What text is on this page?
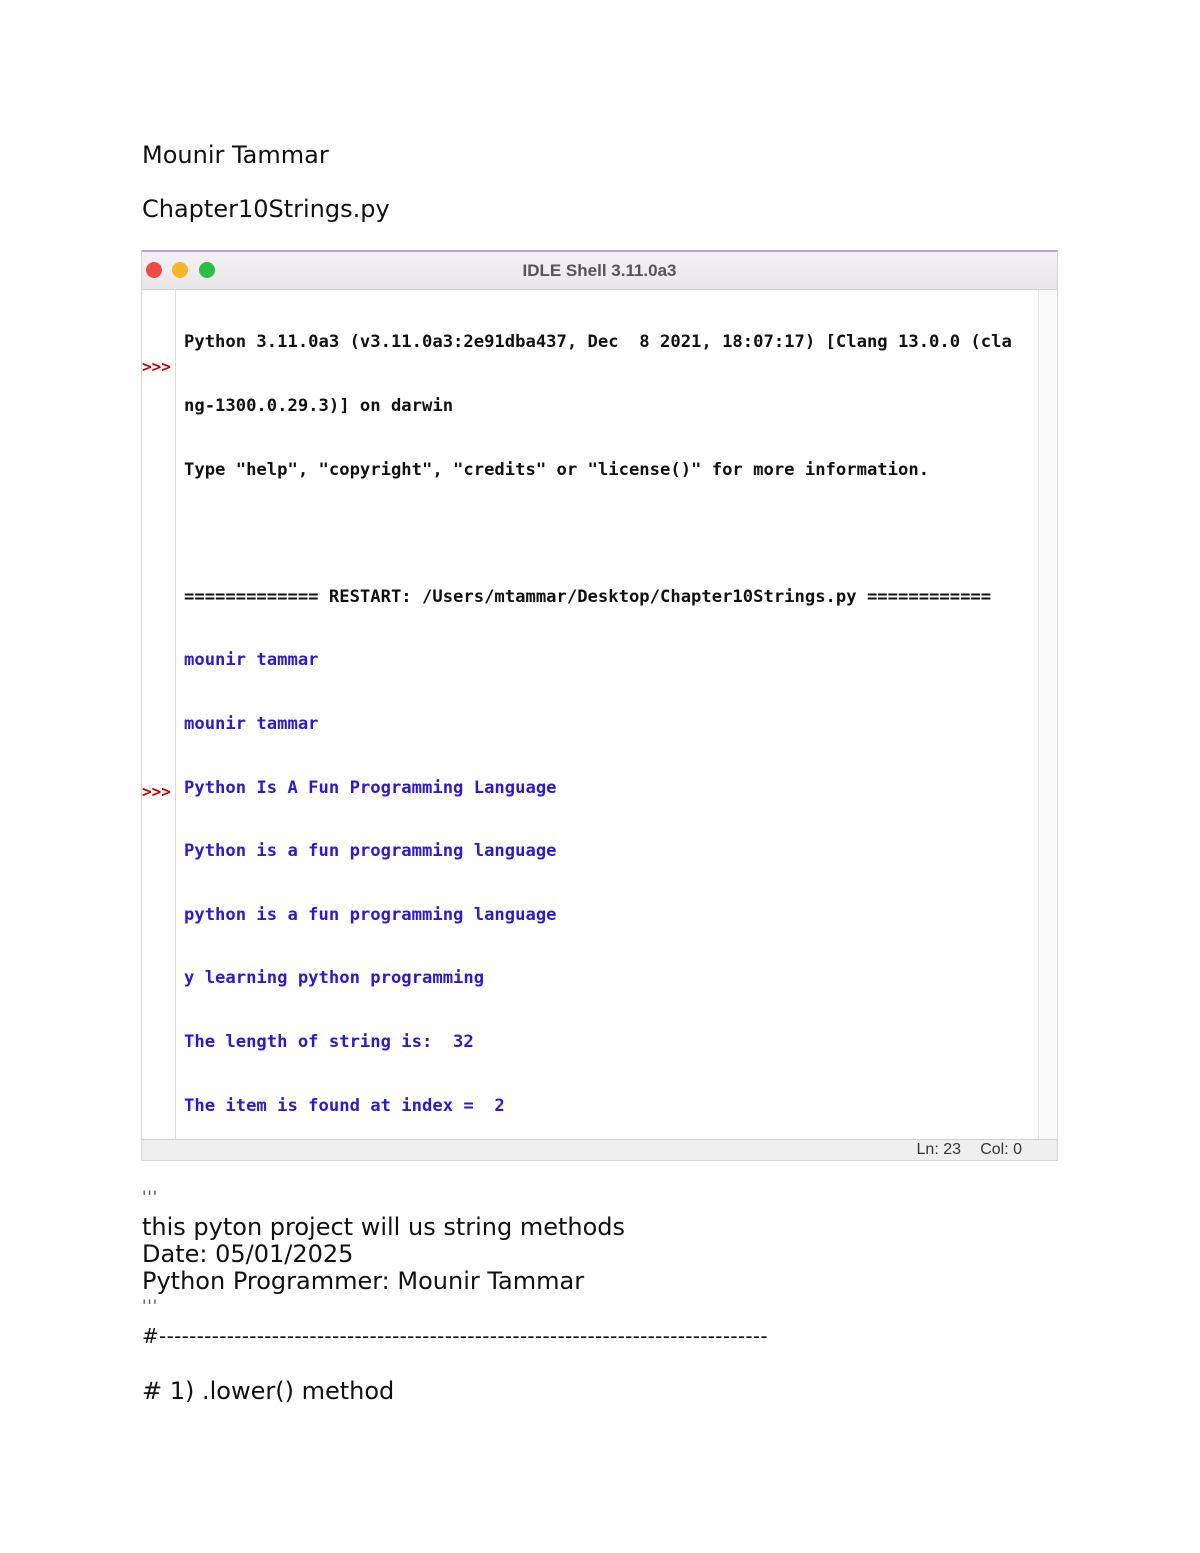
Mounir Tammar
Chapter10Strings.py
IDLE Shell 3.11.0a3
>>>
>>>

Python 3.11.0a3 (v3.11.0a3:2e91dba437, Dec  8 2021, 18:07:17) [Clang 13.0.0 (cla

ng-1300.0.29.3)] on darwin

Type "help", "copyright", "credits" or "license()" for more information.

============= RESTART: /Users/mtammar/Desktop/Chapter10Strings.py ============

mounir tammar

mounir tammar

Python Is A Fun Programming Language

Python is a fun programming language

python is a fun programming language

y learning python programming

The length of string is:  32

The item is found at index =  2

Ln: 23 Col: 0
'''
this pyton project will us string methods
Date: 05/01/2025
Python Programmer: Mounir Tammar
'''
#---------------------------------------------------------------------------------
# 1) .lower() method
